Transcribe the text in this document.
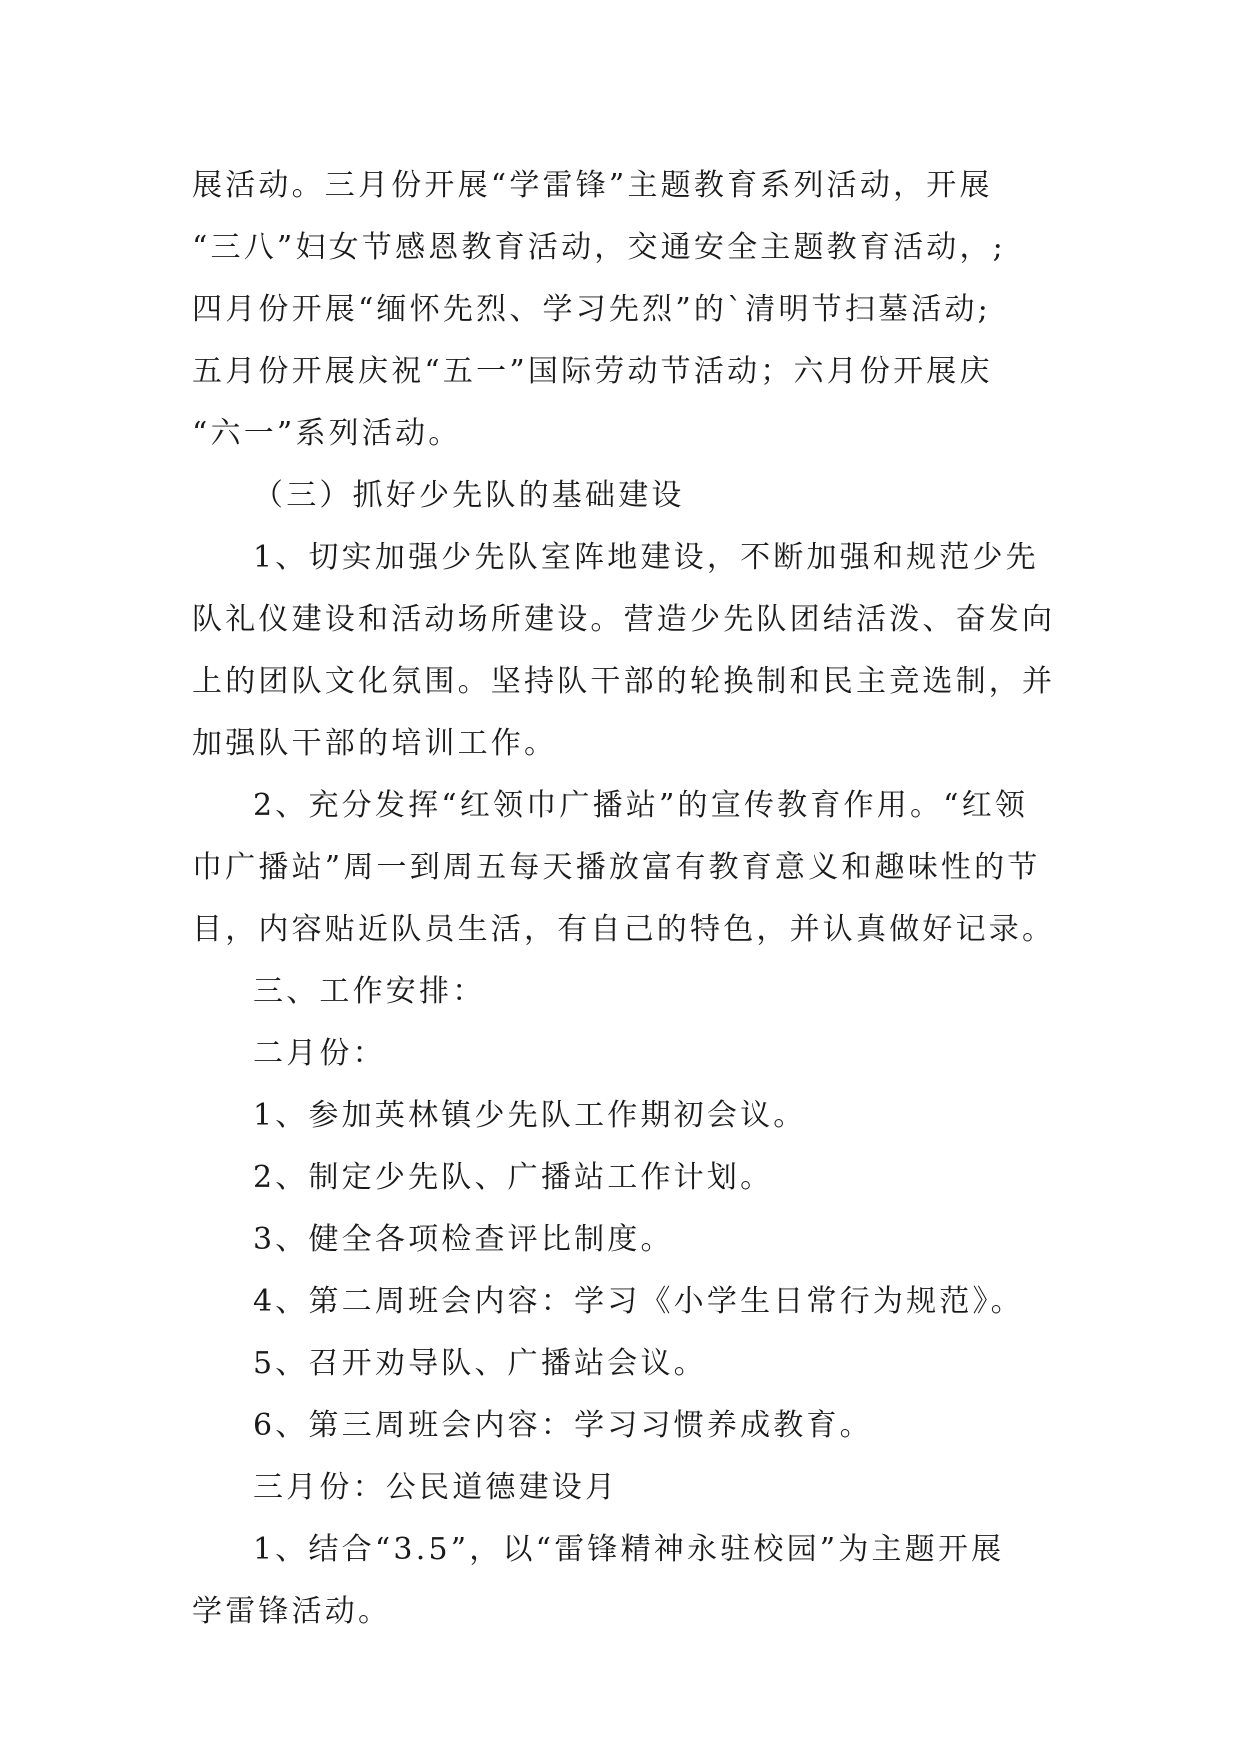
展活动。三月份开展“学雷锋”主题教育系列活动，开展
“三八”妇女节感恩教育活动，交通安全主题教育活动，;
四月份开展“缅怀先烈、学习先烈”的`清明节扫墓活动;
五月份开展庆祝“五一”国际劳动节活动；六月份开展庆
“六一”系列活动。

（三）抓好少先队的基础建设

1、切实加强少先队室阵地建设，不断加强和规范少先
队礼仪建设和活动场所建设。营造少先队团结活泼、奋发向
上的团队文化氛围。坚持队干部的轮换制和民主竞选制，并
加强队干部的培训工作。

2、充分发挥“红领巾广播站”的宣传教育作用。“红领
巾广播站”周一到周五每天播放富有教育意义和趣味性的节
目，内容贴近队员生活，有自己的特色，并认真做好记录。

三、工作安排：

二月份：

1、参加英林镇少先队工作期初会议。

2、制定少先队、广播站工作计划。

3、健全各项检查评比制度。

4、第二周班会内容：学习《小学生日常行为规范》。

5、召开劝导队、广播站会议。

6、第三周班会内容：学习习惯养成教育。

三月份：公民道德建设月

1、结合“3.5”，以“雷锋精神永驻校园”为主题开展
学雷锋活动。
